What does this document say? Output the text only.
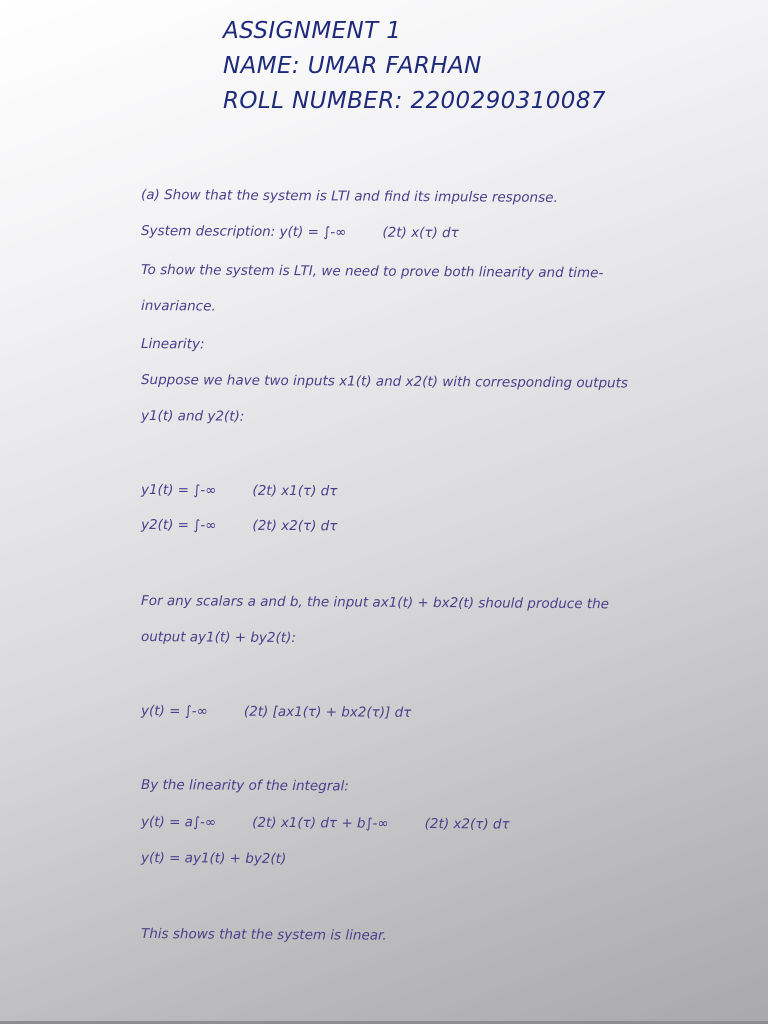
ASSIGNMENT 1
NAME: UMAR FARHAN
ROLL NUMBER: 2200290310087
(a) Show that the system is LTI and find its impulse response.
System description: y(t) = ∫-∞	(2t) x(τ) dτ
To show the system is LTI, we need to prove both linearity and time-
invariance.
Linearity:
Suppose we have two inputs x1(t) and x2(t) with corresponding outputs
y1(t) and y2(t):
y1(t) = ∫-∞	(2t) x1(τ) dτ
y2(t) = ∫-∞	(2t) x2(τ) dτ
For any scalars a and b, the input ax1(t) + bx2(t) should produce the
output ay1(t) + by2(t):
y(t) = ∫-∞	(2t) [ax1(τ) + bx2(τ)] dτ
By the linearity of the integral:
y(t) = a∫-∞	(2t) x1(τ) dτ + b∫-∞	(2t) x2(τ) dτ
y(t) = ay1(t) + by2(t)
This shows that the system is linear.
